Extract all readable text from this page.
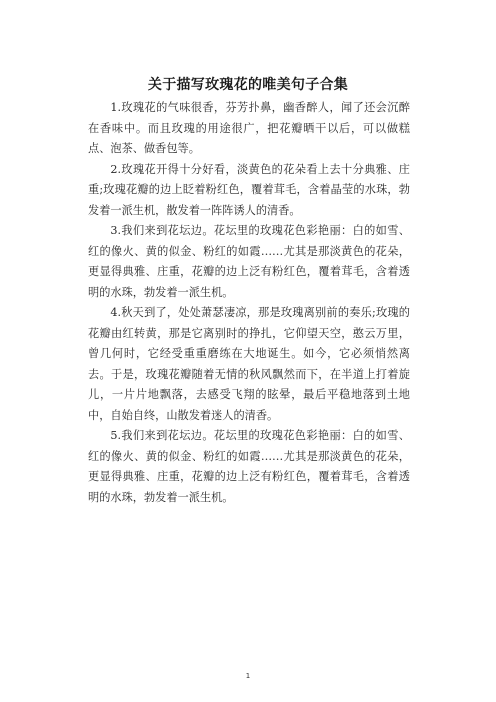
关于描写玫瑰花的唯美句子合集

1.玫瑰花的气味很香，芬芳扑鼻，幽香醉人，闻了还会沉醉在香味中。而且玫瑰的用途很广，把花瓣晒干以后，可以做糕点、泡茶、做香包等。

2.玫瑰花开得十分好看，淡黄色的花朵看上去十分典雅、庄重;玫瑰花瓣的边上眨着粉红色，覆着茸毛，含着晶莹的水珠，勃发着一派生机，散发着一阵阵诱人的清香。

3.我们来到花坛边。花坛里的玫瑰花色彩艳丽：白的如雪、红的像火、黄的似金、粉红的如霞……尤其是那淡黄色的花朵，更显得典雅、庄重，花瓣的边上泛有粉红色，覆着茸毛，含着透明的水珠，勃发着一派生机。

4.秋天到了，处处萧瑟凄凉，那是玫瑰离别前的奏乐;玫瑰的花瓣由红转黄，那是它离别时的挣扎，它仰望天空，憨云万里，曾几何时，它经受重重磨练在大地诞生。如今，它必须悄然离去。于是，玫瑰花瓣随着无情的秋风飘然而下，在半道上打着旋儿，一片片地飘落，去感受飞翔的眩晕，最后平稳地落到土地中，自始自终，山散发着迷人的清香。

5.我们来到花坛边。花坛里的玫瑰花色彩艳丽：白的如雪、红的像火、黄的似金、粉红的如霞……尤其是那淡黄色的花朵，更显得典雅、庄重，花瓣的边上泛有粉红色，覆着茸毛，含着透明的水珠，勃发着一派生机。

1
